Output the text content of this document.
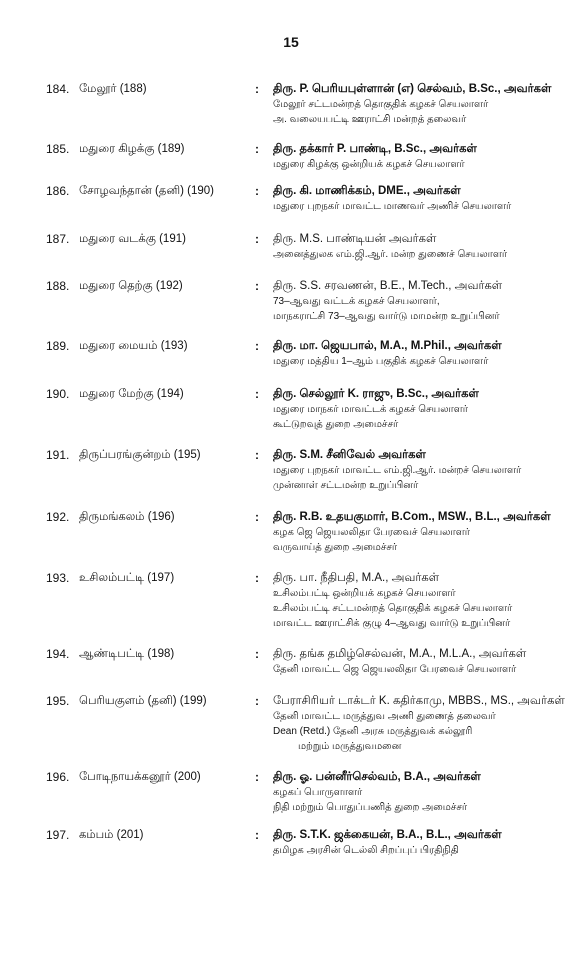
15
184. மேலூர் (188)	: திரு. P. பெரியபுள்ளான் (எ) செல்வம், B.Sc., அவர்கள்
மேலூர் சட்டமன்றத் தொகுதிக் கழகச் செயலாளர்
அ. வலையபட்டி ஊராட்சி மன்றத் தலைவர்
185. மதுரை கிழக்கு (189)	: திரு. தக்கார் P. பாண்டி, B.Sc., அவர்கள்
மதுரை கிழக்கு ஒன்றியக் கழகச் செயலாளர்
186. சோழவந்தான் (தனி) (190)	: திரு. கி. மாணிக்கம், DME., அவர்கள்
மதுரை புறநகர் மாவட்ட மாணவர் அணிச் செயலாளர்
187. மதுரை வடக்கு (191)	: திரு. M.S. பாண்டியன் அவர்கள்
அனைத்துலக எம்.ஜி.ஆர். மன்ற துணைச் செயலாளர்
188. மதுரை தெற்கு (192)	: திரு. S.S. சரவணன், B.E., M.Tech., அவர்கள்
73–ஆவது வட்டக் கழகச் செயலாளர்,
மாநகராட்சி 73–ஆவது வார்டு மாமன்ற உறுப்பினர்
189. மதுரை மையம் (193)	: திரு. மா. ஜெயபால், M.A., M.Phil., அவர்கள்
மதுரை மத்திய 1–ஆம் பகுதிக் கழகச் செயலாளர்
190. மதுரை மேற்கு (194)	: திரு. செல்லூர் K. ராஜு, B.Sc., அவர்கள்
மதுரை மாநகர் மாவட்டக் கழகச் செயலாளர்
கூட்டுறவுத் துறை அமைச்சர்
191. திருப்பரங்குன்றம் (195)	: திரு. S.M. சீனிவேல் அவர்கள்
மதுரை புறநகர் மாவட்ட எம்.ஜி.ஆர். மன்றச் செயலாளர்
முன்னாள் சட்டமன்ற உறுப்பினர்
192. திருமங்கலம் (196)	: திரு. R.B. உதயகுமார், B.Com., MSW., B.L., அவர்கள்
கழக ஜெ ஜெயலலிதா பேரவைச் செயலாளர்
வருவாய்த் துறை அமைச்சர்
193. உசிலம்பட்டி (197)	: திரு. பா. நீதிபதி, M.A., அவர்கள்
உசிலம்பட்டி ஒன்றியக் கழகச் செயலாளர்
உசிலம்பட்டி சட்டமன்றத் தொகுதிக் கழகச் செயலாளர்
மாவட்ட ஊராட்சிக் குழு 4–ஆவது வார்டு உறுப்பினர்
194. ஆண்டிபட்டி (198)	: திரு. தங்க தமிழ்செல்வன், M.A., M.L.A., அவர்கள்
தேனி மாவட்ட ஜெ ஜெயலலிதா பேரவைச் செயலாளர்
195. பெரியகுளம் (தனி) (199)	: பேராசிரியர் டாக்டர் K. கதிர்காமு, MBBS., MS., அவர்கள்
தேனி மாவட்ட மருத்துவ அணி துணைத் தலைவர்
Dean (Retd.) தேனி அரசு மருத்துவக் கல்லூரி
மற்றும் மருத்துவமனை
196. போடிநாயக்கனூர் (200)	: திரு. ஓ. பன்னீர்செல்வம், B.A., அவர்கள்
கழகப் பொருளாளர்
நிதி மற்றும் பொதுப்பணித் துறை அமைச்சர்
197. கம்பம் (201)	: திரு. S.T.K. ஜக்கையன், B.A., B.L., அவர்கள்
தமிழக அரசின் டெல்லி சிறப்புப் பிரதிநிதி
